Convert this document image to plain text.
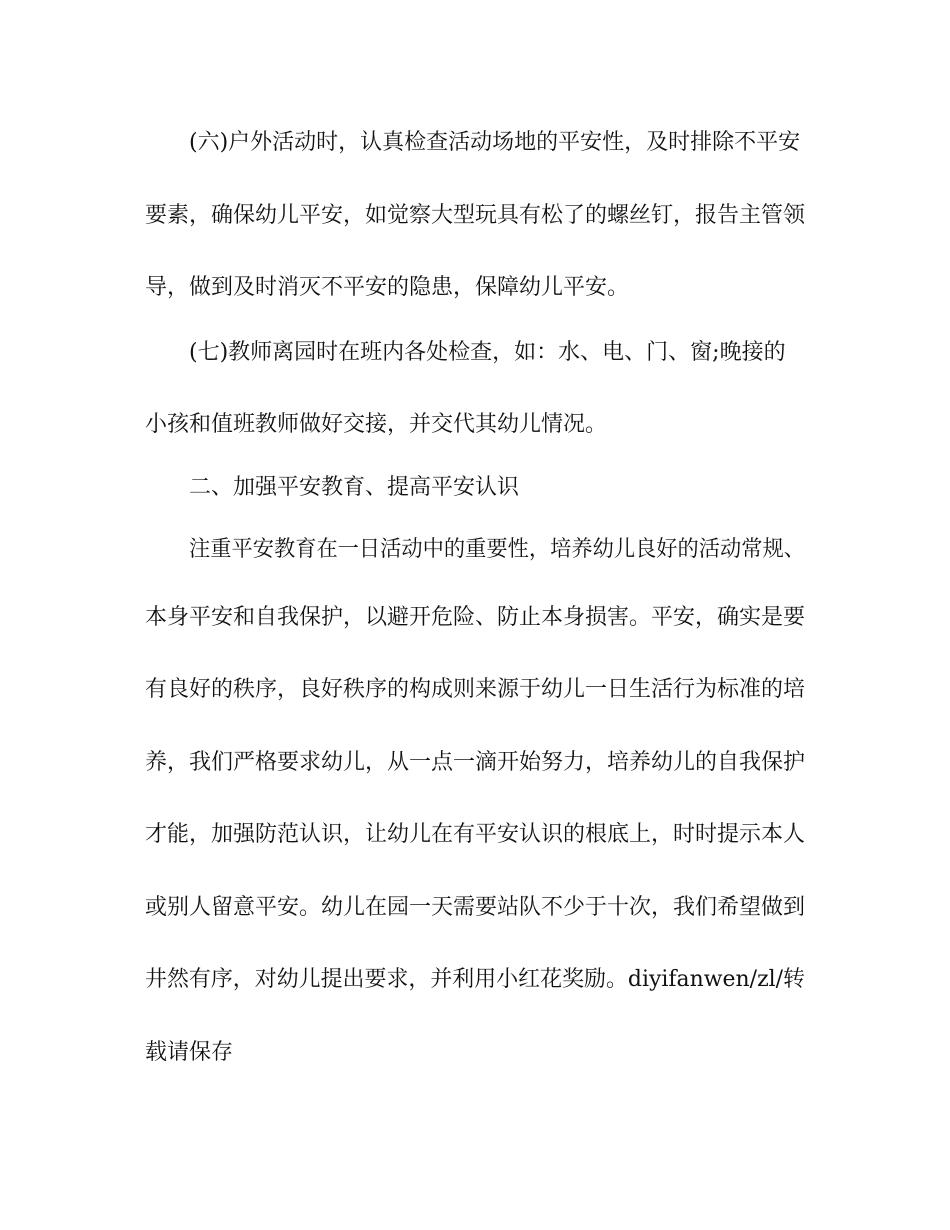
(六)户外活动时，认真检查活动场地的平安性，及时排除不平安
要素，确保幼儿平安，如觉察大型玩具有松了的螺丝钉，报告主管领
导，做到及时消灭不平安的隐患，保障幼儿平安。
(七)教师离园时在班内各处检查，如：水、电、门、窗;晚接的
小孩和值班教师做好交接，并交代其幼儿情况。
二、加强平安教育、提高平安认识
注重平安教育在一日活动中的重要性，培养幼儿良好的活动常规、
本身平安和自我保护，以避开危险、防止本身损害。平安，确实是要
有良好的秩序，良好秩序的构成则来源于幼儿一日生活行为标准的培
养，我们严格要求幼儿，从一点一滴开始努力，培养幼儿的自我保护
才能，加强防范认识，让幼儿在有平安认识的根底上，时时提示本人
或别人留意平安。幼儿在园一天需要站队不少于十次，我们希望做到
井然有序，对幼儿提出要求，并利用小红花奖励。diyifanwen/zl/转
载请保存
